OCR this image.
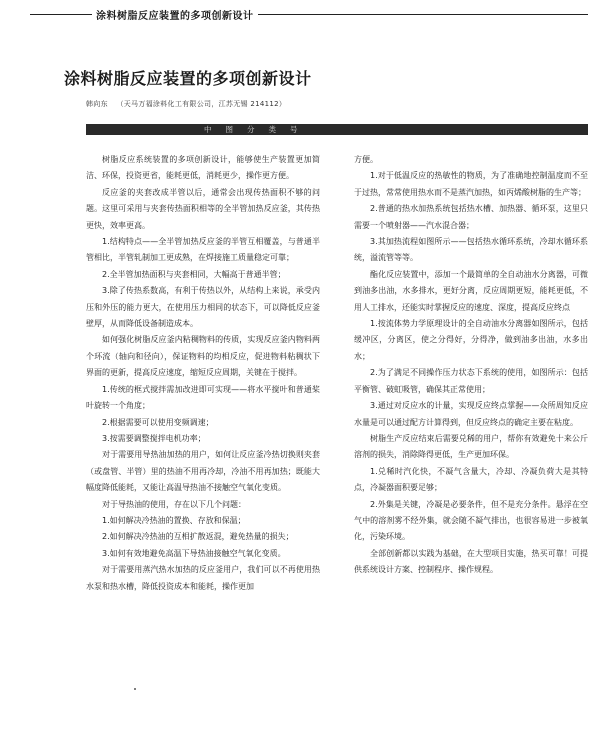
涂料树脂反应装置的多项创新设计
涂料树脂反应装置的多项创新设计
韩向东 （天马万福涂料化工有限公司，江苏无锡 214112）
中图分类号

树脂反应系统装置的多项创新设计，能够使生产装置更加简洁、环保，投资更省，能耗更低，消耗更少，操作更方便。

反应釜的夹套改成半管以后，通常会出现传热面积不够的问题。这里可采用与夹套传热面积相等的全半管加热反应釜，其传热更快，效率更高。

1.结构特点——全半管加热反应釜的半管互相覆盖，与普通半管相比，半管轧制加工更成熟，在焊接施工质量稳定可靠；

2.全半管加热面积与夹套相同，大幅高于普通半管；

3.除了传热系数高，有利于传热以外，从结构上来说，承受内压和外压的能力更大，在使用压力相同的状态下，可以降低反应釜壁厚，从而降低设备制造成本。

如何强化树脂反应釜内粘稠物料的传质，实现反应釜内物料两个环流（轴向和径向），保证物料的均相反应，促进物料粘稠状下界面的更新，提高反应速度，缩短反应周期，关键在于搅拌。

1.传统的框式搅拌需加改进即可实现——将水平搅叶和普通桨叶旋转一个角度；

2.根据需要可以使用变频调速；

3.按需要调整搅拌电机功率；

对于需要用导热油加热的用户，如何让反应釜冷热切换则夹套（或盘管、半管）里的热油不用再冷却，冷油不用再加热；既能大幅度降低能耗，又能让高温导热油不接触空气氧化变质。

对于导热油的使用，存在以下几个问题：

1.如何解决冷热油的置换、存放和保温；

2.如何解决冷热油的互相扩散返混，避免热量的损失；

3.如何有效地避免高温下导热油接触空气氧化变质。

对于需要用蒸汽热水加热的反应釜用户，我们可以不再使用热水泵和热水槽，降低投资成本和能耗，操作更加

方便。

1.对于低温反应的热敏性的物质，为了准确地控制温度而不至于过热，常常使用热水而不是蒸汽加热，如丙烯酸树脂的生产等；

2.普通的热水加热系统包括热水槽、加热器、循环泵，这里只需要一个喷射器——汽水混合器；

3.其加热流程如图所示——包括热水循环系统，冷却水循环系统，溢流管等等。

酯化反应装置中，添加一个最简单的全自动油水分离器，可微到油多出油，水多排水，更好分离，反应周期更短，能耗更低，不用人工排水，还能实时掌握反应的速度、深度，提高反应终点

1.按流体势力学原理设计的全自动油水分离器如图所示，包括缓冲区，分离区，使之分得好，分得净，做到油多出油，水多出水；

2.为了满足不同操作压力状态下系统的使用，如图所示：包括平衡管、破虹吸管，确保其正常使用；

3.通过对反应水的计量，实现反应终点掌握——众所周知反应水量是可以通过配方计算得到，但反应终点的确定主要在粘度。

树脂生产反应结束后需要兑稀的用户，帮你有效避免十来公斤溶剂的损失，消除降得更低，生产更加环保。

1.兑稀时汽化快，不凝气含量大，冷却、冷凝负荷大是其特点，冷凝器面积要足够；

2.外集是关键，冷凝是必要条件，但不是充分条件。悬浮在空气中的溶剂雾不经外集，就会随不凝气排出，也很容易进一步被氧化，污染环境。

全部创新都以实践为基础，在大型项目实施，热买可靠！可提供系统设计方案、控制程序、操作规程。
